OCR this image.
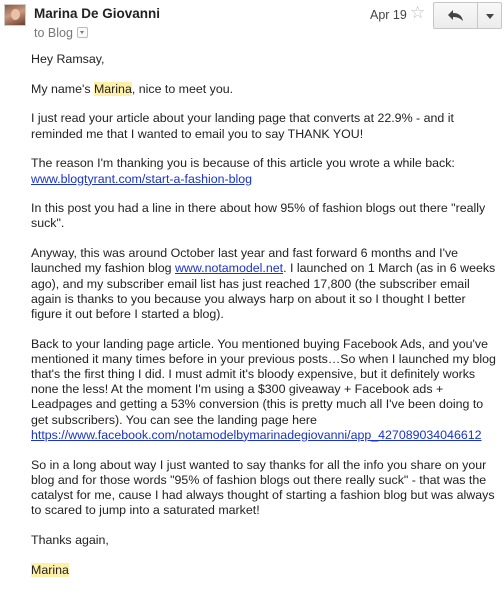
Marina De Giovanni
to Blog
Apr 19 ☆

Hey Ramsay,

My name's Marina, nice to meet you.

I just read your article about your landing page that converts at 22.9% - and it reminded me that I wanted to email you to say THANK YOU!

The reason I'm thanking you is because of this article you wrote a while back: www.blogtyrant.com/start-a-fashion-blog

In this post you had a line in there about how 95% of fashion blogs out there "really suck".

Anyway, this was around October last year and fast forward 6 months and I've launched my fashion blog www.notamodel.net. I launched on 1 March (as in 6 weeks ago), and my subscriber email list has just reached 17,800 (the subscriber email again is thanks to you because you always harp on about it so I thought I better figure it out before I started a blog).

Back to your landing page article. You mentioned buying Facebook Ads, and you've mentioned it many times before in your previous posts…So when I launched my blog that's the first thing I did. I must admit it's bloody expensive, but it definitely works none the less! At the moment I'm using a $300 giveaway + Facebook ads + Leadpages and getting a 53% conversion (this is pretty much all I've been doing to get subscribers). You can see the landing page here https://www.facebook.com/notamodelbymarinadegiovanni/app_427089034046612

So in a long about way I just wanted to say thanks for all the info you share on your blog and for those words "95% of fashion blogs out there really suck" - that was the catalyst for me, cause I had always thought of starting a fashion blog but was always to scared to jump into a saturated market!

Thanks again,

Marina
